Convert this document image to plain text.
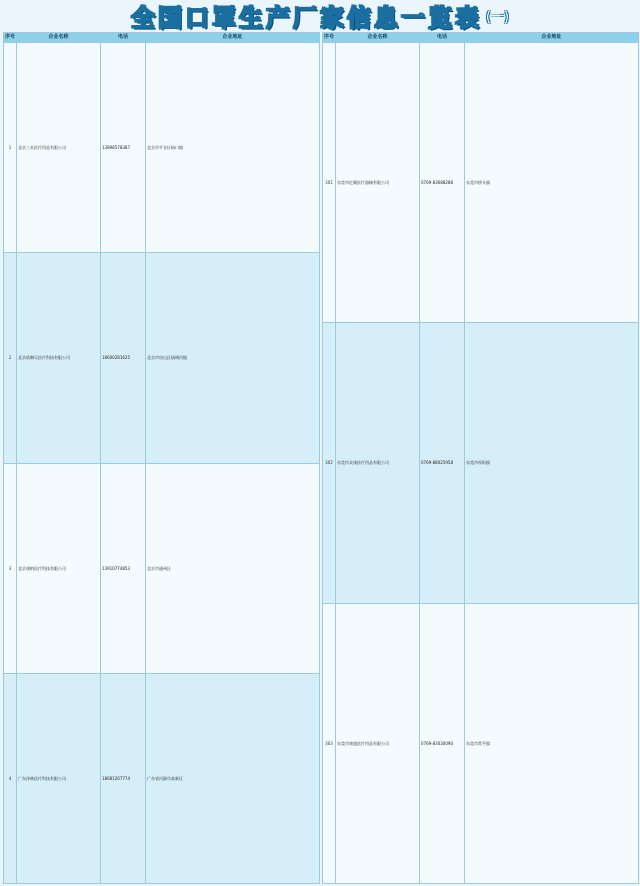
全国口罩生产厂家信息一览表 (一)
序号	企业名称	电话	企业地址
1	北京三木医疗用品有限公司	13898578387	北京市平谷区峪口镇
2	北京依琳乐医疗科技有限公司	18600281625	北京市房山区琉璃河镇
3	北京康纳医疗科技有限公司	13910774853	北京市通州区
4	广东泽林医疗科技有限公司	18681267774	广东省河源市高新区
序号	企业名称	电话	企业地址
301	东莞市亿顺医疗器械有限公司	0769-83688288	东莞市桥头镇
302	东莞市众康医疗用品有限公司	0769-88025958	东莞市厚街镇
303	东莞市康盛医疗用品有限公司	0769-83030090	东莞市常平镇
